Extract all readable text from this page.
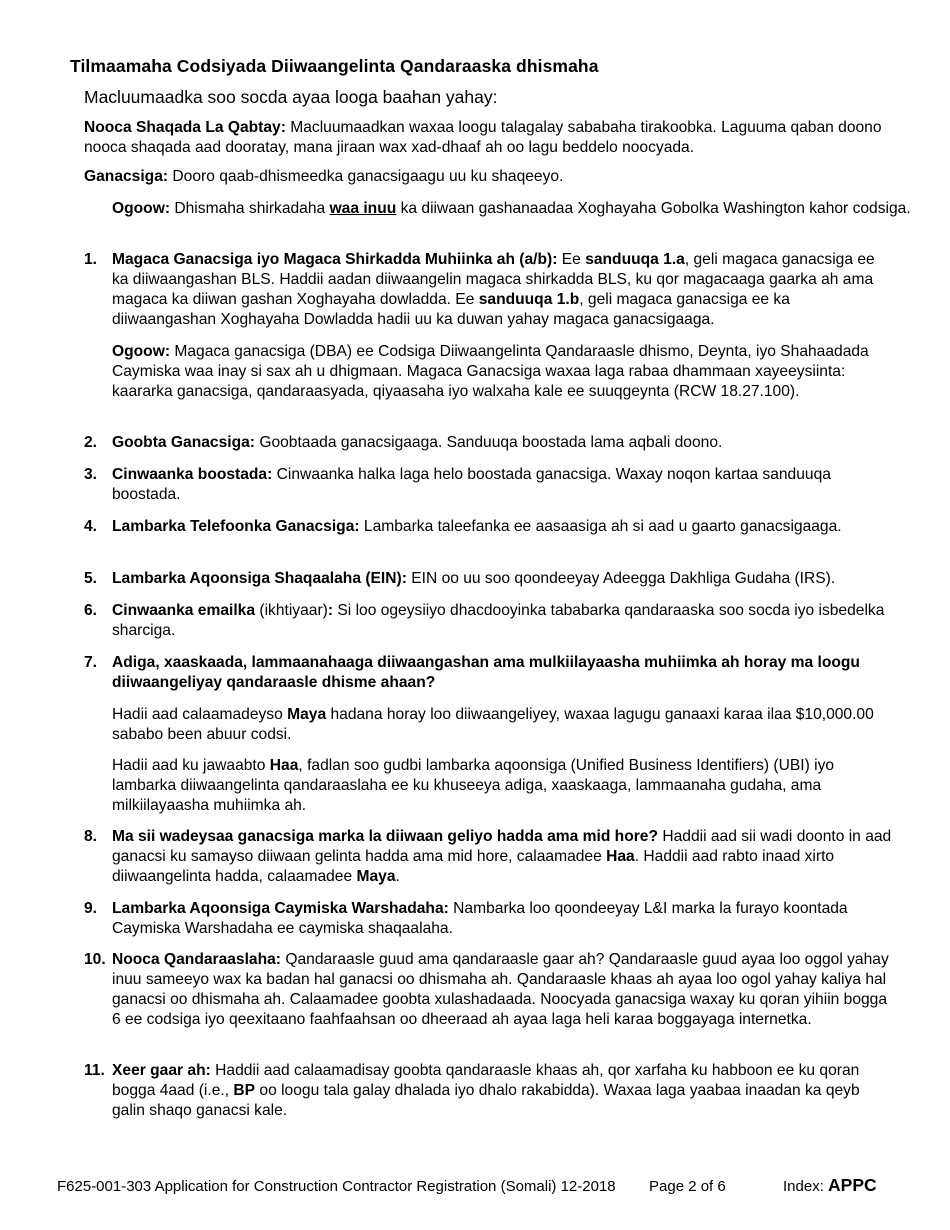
Tilmaamaha Codsiyada Diiwaangelinta Qandaraaska dhismaha

Macluumaadka soo socda ayaa looga baahan yahay:

Nooca Shaqada La Qabtay: Macluumaadkan waxaa loogu talagalay sababaha tirakoobka. Laguuma qaban doono nooca shaqada aad dooratay, mana jiraan wax xad-dhaaf ah oo lagu beddelo noocyada.

Ganacsiga: Dooro qaab-dhismeedka ganacsigaagu uu ku shaqeeyo.

Ogoow: Dhismaha shirkadaha waa inuu ka diiwaan gashanaadaa Xoghayaha Gobolka Washington kahor codsiga.

1. Magaca Ganacsiga iyo Magaca Shirkadda Muhiinka ah (a/b): Ee sanduuqa 1.a, geli magaca ganacsiga ee ka diiwaangashan BLS. Haddii aadan diiwaangelin magaca shirkadda BLS, ku qor magacaaga gaarka ah ama magaca ka diiwan gashan Xoghayaha dowladda. Ee sanduuqa 1.b, geli magaca ganacsiga ee ka diiwaangashan Xoghayaha Dowladda hadii uu ka duwan yahay magaca ganacsigaaga.

Ogoow: Magaca ganacsiga (DBA) ee Codsiga Diiwaangelinta Qandaraasle dhismo, Deynta, iyo Shahaadada Caymiska waa inay si sax ah u dhigmaan. Magaca Ganacsiga waxaa laga rabaa dhammaan xayeeysiinta: kaararka ganacsiga, qandaraasyada, qiyaasaha iyo walxaha kale ee suuqgeynta (RCW 18.27.100).

2. Goobta Ganacsiga: Goobtaada ganacsigaaga. Sanduuqa boostada lama aqbali doono.
3. Cinwaanka boostada: Cinwaanka halka laga helo boostada ganacsiga. Waxay noqon kartaa sanduuqa boostada.
4. Lambarka Telefoonka Ganacsiga: Lambarka taleefanka ee aasaasiga ah si aad u gaarto ganacsigaaga.
5. Lambarka Aqoonsiga Shaqaalaha (EIN): EIN oo uu soo qoondeeyay Adeegga Dakhliga Gudaha (IRS).
6. Cinwaanka emailka (ikhtiyaar): Si loo ogeysiiyo dhacdooyinka tababarka qandaraaska soo socda iyo isbedelka sharciga.
7. Adiga, xaaskaada, lammaanahaaga diiwaangashan ama mulkiilayaasha muhiimka ah horay ma loogu diiwaangeliyay qandaraasle dhisme ahaan?

Hadii aad calaamadeyso Maya hadana horay loo diiwaangeliyey, waxaa lagugu ganaaxi karaa ilaa $10,000.00 sababo been abuur codsi.

Hadii aad ku jawaabto Haa, fadlan soo gudbi lambarka aqoonsiga (Unified Business Identifiers) (UBI) iyo lambarka diiwaangelinta qandaraaslaha ee ku khuseeya adiga, xaaskaaga, lammaanaha gudaha, ama milkiilayaasha muhiimka ah.

8. Ma sii wadeysaa ganacsiga marka la diiwaan geliyo hadda ama mid hore? Haddii aad sii wadi doonto in aad ganacsi ku samayso diiwaan gelinta hadda ama mid hore, calaamadee Haa. Haddii aad rabto inaad xirto diiwaangelinta hadda, calaamadee Maya.
9. Lambarka Aqoonsiga Caymiska Warshadaha: Nambarka loo qoondeeyay L&I marka la furayo koontada Caymiska Warshadaha ee caymiska shaqaalaha.
10. Nooca Qandaraaslaha: Qandaraasle guud ama qandaraasle gaar ah? Qandaraasle guud ayaa loo oggol yahay inuu sameeyo wax ka badan hal ganacsi oo dhismaha ah. Qandaraasle khaas ah ayaa loo ogol yahay kaliya hal ganacsi oo dhismaha ah. Calaamadee goobta xulashadaada. Noocyada ganacsiga waxay ku qoran yihiin bogga 6 ee codsiga iyo qeexitaano faahfaahsan oo dheeraad ah ayaa laga heli karaa boggayaga internetka.
11. Xeer gaar ah: Haddii aad calaamadisay goobta qandaraasle khaas ah, qor xarfaha ku habboon ee ku qoran bogga 4aad (i.e., BP oo loogu tala galay dhalada iyo dhalo rakabidda). Waxaa laga yaabaa inaadan ka qeyb galin shaqo ganacsi kale.
F625-001-303 Application for Construction Contractor Registration (Somali) 12-2018 Page 2 of 6	Index: APPC
